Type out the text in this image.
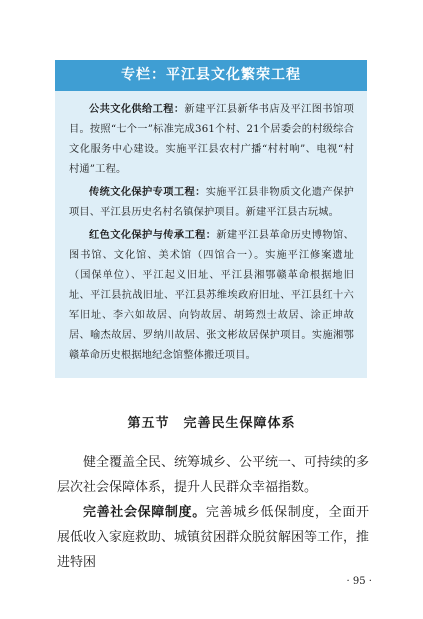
专栏：平江县文化繁荣工程

公共文化供给工程：新建平江县新华书店及平江图书馆项目。按照“七个一”标准完成361个村、21个居委会的村级综合文化服务中心建设。实施平江县农村广播“村村响”、电视“村村通”工程。

传统文化保护专项工程：实施平江县非物质文化遗产保护项目、平江县历史名村名镇保护项目。新建平江县古玩城。

红色文化保护与传承工程：新建平江县革命历史博物馆、图书馆、文化馆、美术馆（四馆合一）。实施平江修案遗址（国保单位）、平江起义旧址、平江县湘鄂赣革命根据地旧址、平江县抗战旧址、平江县苏维埃政府旧址、平江县红十六军旧址、李六如故居、向钧故居、胡筠烈士故居、涂正坤故居、喻杰故居、罗纳川故居、张文彬故居保护项目。实施湘鄂赣革命历史根据地纪念馆整体搬迁项目。

第五节　完善民生保障体系

健全覆盖全民、统筹城乡、公平统一、可持续的多层次社会保障体系，提升人民群众幸福指数。

完善社会保障制度。完善城乡低保制度，全面开展低收入家庭救助、城镇贫困群众脱贫解困等工作，推进特困

· 95 ·
